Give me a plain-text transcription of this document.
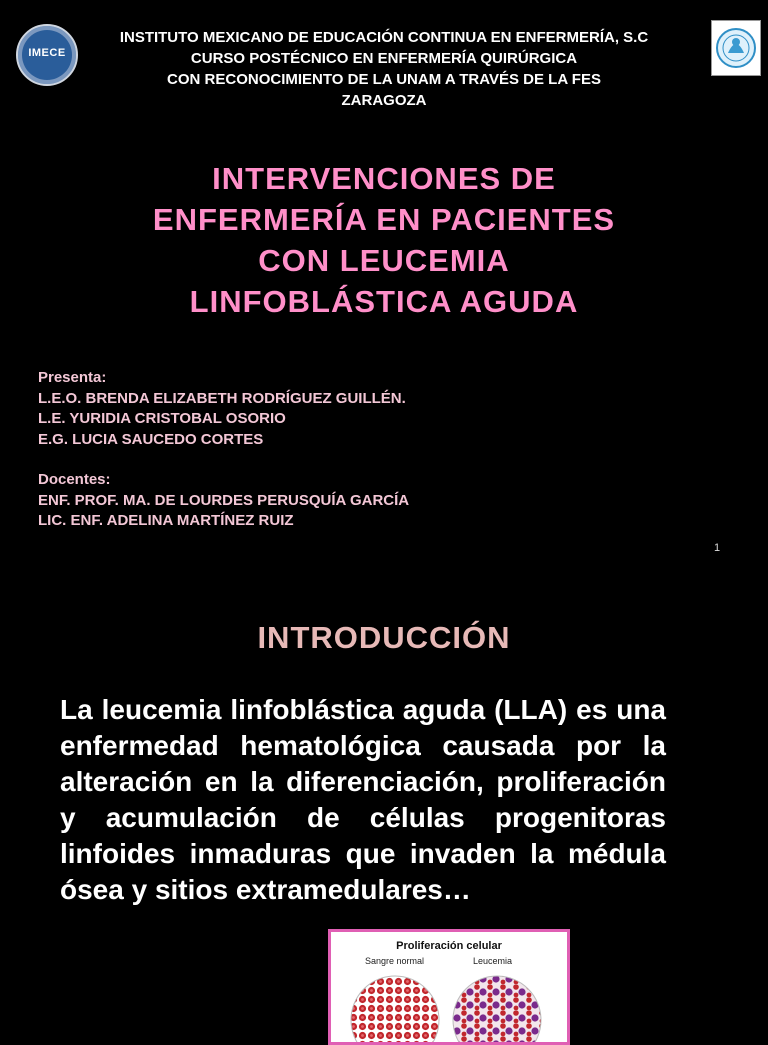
IMECE
INSTITUTO MEXICANO DE EDUCACIÓN CONTINUA EN ENFERMERÍA, S.C
CURSO POSTÉCNICO EN ENFERMERÍA QUIRÚRGICA
CON RECONOCIMIENTO DE LA UNAM A TRAVÉS DE LA FES
ZARAGOZA
INTERVENCIONES DE
ENFERMERÍA EN PACIENTES
CON LEUCEMIA
LINFOBLÁSTICA AGUDA
Presenta:
L.E.O. BRENDA ELIZABETH RODRÍGUEZ GUILLÉN.
L.E. YURIDIA CRISTOBAL OSORIO
E.G. LUCIA SAUCEDO CORTES
Docentes:
ENF. PROF. MA. DE LOURDES PERUSQUÍA GARCÍA
LIC. ENF. ADELINA MARTÍNEZ RUIZ
1
INTRODUCCIÓN
La leucemia linfoblástica aguda (LLA) es una enfermedad hematológica causada por la alteración en la diferenciación, proliferación y acumulación de células progenitoras linfoides inmaduras que invaden la médula ósea y sitios extramedulares…
Proliferación celular
Sangre normal	Leucemia
